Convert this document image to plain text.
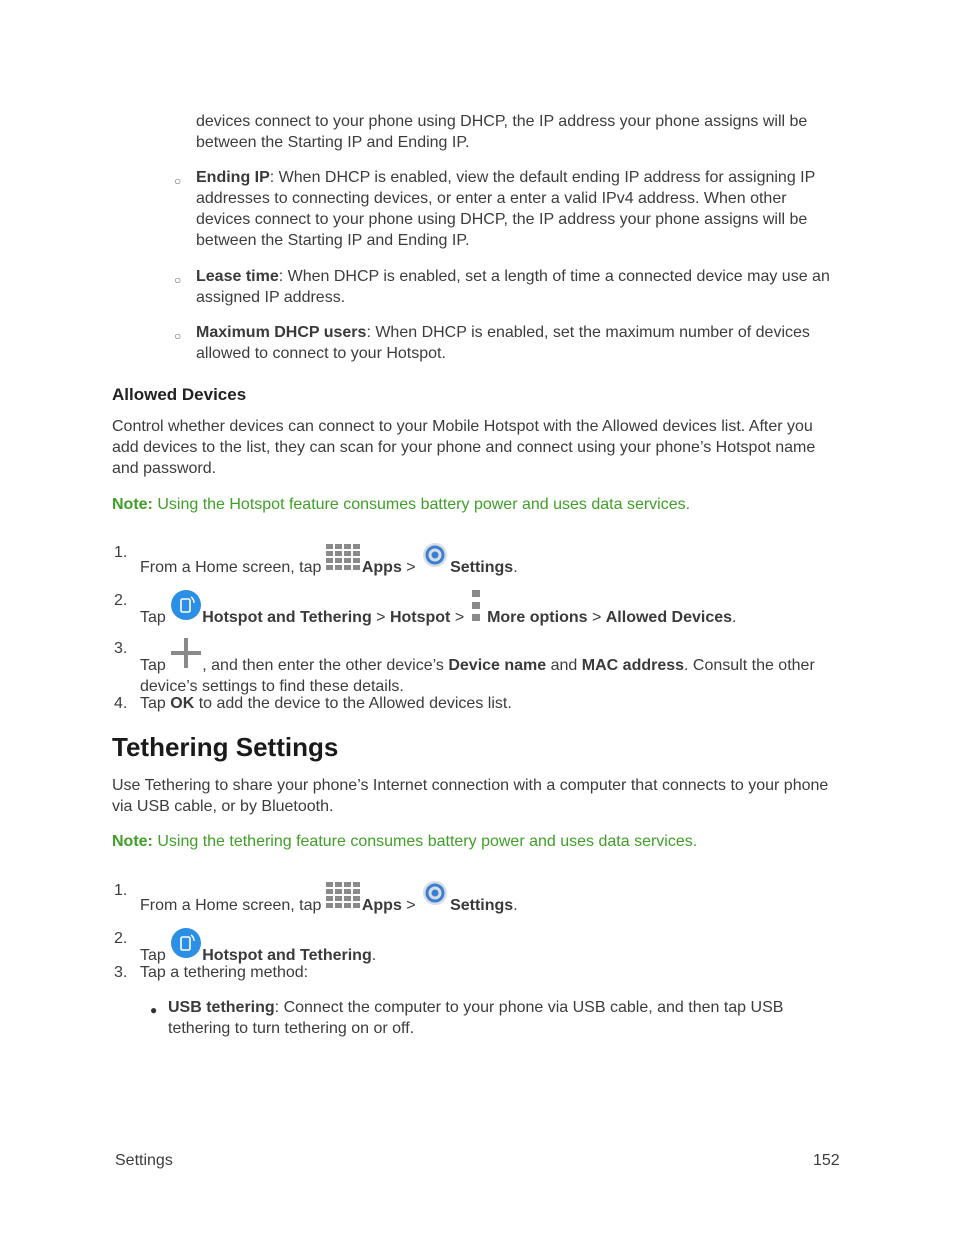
devices connect to your phone using DHCP, the IP address your phone assigns will be
between the Starting IP and Ending IP.

○ Ending IP: When DHCP is enabled, view the default ending IP address for assigning IP addresses to connecting devices, or enter a enter a valid IPv4 address. When other devices connect to your phone using DHCP, the IP address your phone assigns will be between the Starting IP and Ending IP.

○ Lease time: When DHCP is enabled, set a length of time a connected device may use an assigned IP address.

○ Maximum DHCP users: When DHCP is enabled, set the maximum number of devices allowed to connect to your Hotspot.

Allowed Devices

Control whether devices can connect to your Mobile Hotspot with the Allowed devices list. After you add devices to the list, they can scan for your phone and connect using your phone’s Hotspot name and password.

Note: Using the Hotspot feature consumes battery power and uses data services.

1.

From a Home screen, tap Apps > Settings.

2.

Tap Hotspot and Tethering > Hotspot >  More options > Allowed Devices.

3.

Tap , and then enter the other device’s Device name and MAC address. Consult the other device’s settings to find these details.

4. Tap OK to add the device to the Allowed devices list.

Tethering Settings

Use Tethering to share your phone’s Internet connection with a computer that connects to your phone via USB cable, or by Bluetooth.

Note: Using the tethering feature consumes battery power and uses data services.

1.

From a Home screen, tap Apps > Settings.

2.

Tap Hotspot and Tethering.

3. Tap a tethering method:

● USB tethering: Connect the computer to your phone via USB cable, and then tap USB tethering to turn tethering on or off.

Settings	152
